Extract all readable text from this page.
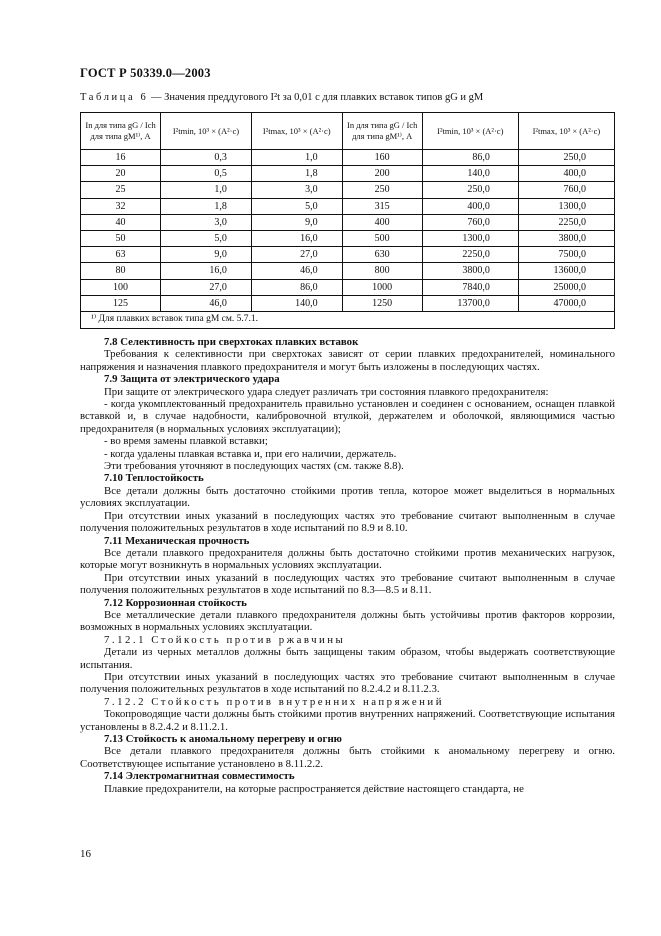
ГОСТ Р 50339.0—2003
Таблица 6 — Значения преддугового I²t за 0,01 с для плавких вставок типов gG и gM
In для типа gG / Ich для типа gM¹⁾, А	I²tmin, 10³ × (А²·с)	I²tmax, 10³ × (А²·с)	In для типа gG / Ich для типа gM¹⁾, А	I²tmin, 10³ × (А²·с)	I²tmax, 10³ × (А²·с)
16	0,3	1,0	160	86,0	250,0
20	0,5	1,8	200	140,0	400,0
25	1,0	3,0	250	250,0	760,0
32	1,8	5,0	315	400,0	1300,0
40	3,0	9,0	400	760,0	2250,0
50	5,0	16,0	500	1300,0	3800,0
63	9,0	27,0	630	2250,0	7500,0
80	16,0	46,0	800	3800,0	13600,0
100	27,0	86,0	1000	7840,0	25000,0
125	46,0	140,0	1250	13700,0	47000,0
¹⁾ Для плавких вставок типа gM см. 5.7.1.					
7.8 Селективность при сверхтоках плавких вставок
Требования к селективности при сверхтоках зависят от серии плавких предохранителей, номинального напряжения и назначения плавкого предохранителя и могут быть изложены в последующих частях.
7.9 Защита от электрического удара
При защите от электрического удара следует различать три состояния плавкого предохранителя:
- когда укомплектованный предохранитель правильно установлен и соединен с основанием, оснащен плавкой вставкой и, в случае надобности, калибровочной втулкой, держателем и оболочкой, являющимися частью предохранителя (в нормальных условиях эксплуатации);
- во время замены плавкой вставки;
- когда удалены плавкая вставка и, при его наличии, держатель.
Эти требования уточняют в последующих частях (см. также 8.8).
7.10 Теплостойкость
Все детали должны быть достаточно стойкими против тепла, которое может выделиться в нормальных условиях эксплуатации.
При отсутствии иных указаний в последующих частях это требование считают выполненным в случае получения положительных результатов в ходе испытаний по 8.9 и 8.10.
7.11 Механическая прочность
Все детали плавкого предохранителя должны быть достаточно стойкими против механических нагрузок, которые могут возникнуть в нормальных условиях эксплуатации.
При отсутствии иных указаний в последующих частях это требование считают выполненным в случае получения положительных результатов в ходе испытаний по 8.3—8.5 и 8.11.
7.12 Коррозионная стойкость
Все металлические детали плавкого предохранителя должны быть устойчивы против факторов коррозии, возможных в нормальных условиях эксплуатации.
7.12.1 Стойкость против ржавчины
Детали из черных металлов должны быть защищены таким образом, чтобы выдержать соответствующие испытания.
При отсутствии иных указаний в последующих частях это требование считают выполненным в случае получения положительных результатов в ходе испытаний по 8.2.4.2 и 8.11.2.3.
7.12.2 Стойкость против внутренних напряжений
Токопроводящие части должны быть стойкими против внутренних напряжений. Соответствующие испытания установлены в 8.2.4.2 и 8.11.2.1.
7.13 Стойкость к аномальному перегреву и огню
Все детали плавкого предохранителя должны быть стойкими к аномальному перегреву и огню. Соответствующее испытание установлено в 8.11.2.2.
7.14 Электромагнитная совместимость
Плавкие предохранители, на которые распространяется действие настоящего стандарта, не
16
